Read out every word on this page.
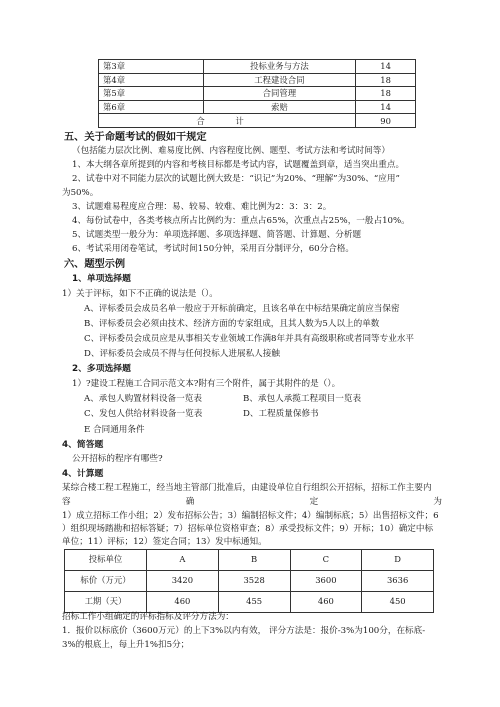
第3章	投标业务与方法	14
第4章	工程建设合同	18
第5章	合同管理	18
第6章	索赔	14
合 计		90
五、关于命题考试的假如干规定
（包括能力层次比例、难易度比例、内容程度比例、题型、考试方法和考试时间等）
1、本大纲各章所提到的内容和考核目标都是考试内容，试题覆盖到章，适当突出重点。
2、试卷中对不同能力层次的试题比例大致是：“识记”为20%、“理解”为30%、“应用”
为50%。
3、试题难易程度应合理：易、较易、较难、难比例为2：3：3：2。
4、每份试卷中，各类考核点所占比例约为：重点占65%，次重点占25%，一般占10%。
5、试题类型一般分为：单项选择题、多项选择题、简答题、计算题、分析题
6、考试采用闭卷笔试，考试时间150分钟，采用百分制评分，60分合格。
六、题型示例
1、单项选择题
1）关于评标，如下不正确的说法是（）。
A、评标委员会成员名单一般应于开标前确定，且该名单在中标结果确定前应当保密
B、评标委员会必须由技术、经济方面的专家组成，且其人数为5人以上的单数
C、评标委员会成员应是从事相关专业领域工作满8年并具有高级职称或者同等专业水平
D、评标委员会成员不得与任何投标人进展私人接触
2、多项选择题
1）?建设工程施工合同示范文本?附有三个附件，属于其附件的是（）。
A、承包人购置材料设备一览表	B、承包人承揽工程项目一览表
C、发包人供给材料设备一览表	D、工程质量保修书
E 合同通用条件
4、简答题
公开招标的程序有哪些?
4、计算题
某综合楼工程工程施工，经当地主管部门批准后，由建设单位自行组织公开招标，招标工作主要内
容	确	定	为
1）成立招标工作小组；2）发布招标公告；3）编制招标文件；4）编制标底；5）出售招标文件；6
）组织现场踏勘和招标答疑；7）招标单位资格审查；8）承受投标文件；9）开标；10）确定中标
单位；11）评标；12）签定合同；13）发中标通知。
投标单位	A	B	C	D
标价（万元）	3420	3528	3600	3636
工期（天）	460	455	460	450
招标工作小组确定的评标指标及评分方法为：
1．报价以标底价（3600万元）的上下3%以内有效， 评分方法是：报价-3%为100分，在标底-
3%的根底上，每上升1%扣5分；
